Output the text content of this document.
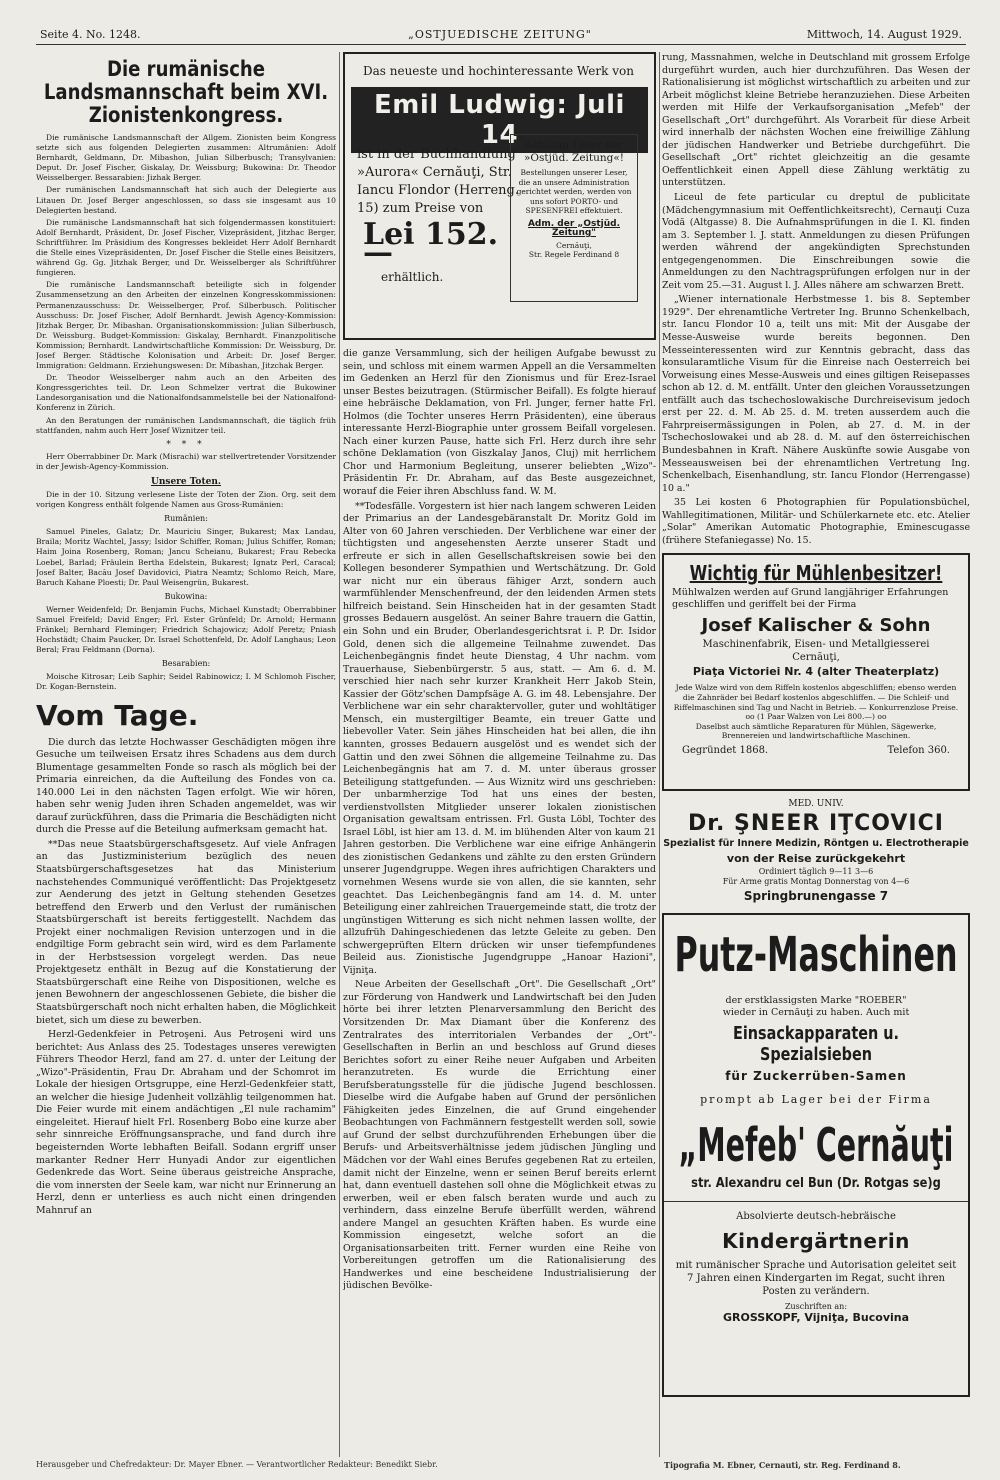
Seite 4. No. 1248.	„OSTJUEDISCHE ZEITUNG"	Mittwoch, 14. August 1929.
Die rumänische Landsmannschaft beim XVI. Zionistenkongress.

Die rumänische Landsmannschaft der Allgem. Zionisten beim Kongress setzte sich aus folgenden Delegierten zusammen: Altrumänien: Adolf Bernhardt, Geldmann, Dr. Mibashon, Julian Silberbusch; Transylvanien: Deput. Dr. Josef Fischer, Giskalay, Dr. Weissburg; Bukowina: Dr. Theodor Weisselberger. Bessarabien: Jizhak Berger.

Der rumänischen Landsmannschaft hat sich auch der Delegierte aus Litauen Dr. Josef Berger angeschlossen, so dass sie insgesamt aus 10 Delegierten bestand.

Die rumänische Landsmannschaft hat sich folgendermassen konstituiert: Adolf Bernhardt, Präsident, Dr. Josef Fischer, Vizepräsident, Jitzhac Berger, Schriftführer. Im Präsidium des Kongresses bekleidet Herr Adolf Bernhardt die Stelle eines Vizepräsidenten, Dr. Josef Fischer die Stelle eines Beisitzers, während Gg. Gg. Jitzhak Berger, und Dr. Weisselberger als Schriftführer fungieren.

Die rumänische Landsmannschaft beteiligte sich in folgender Zusammensetzung an den Arbeiten der einzelnen Kongresskommissionen: Permanenzausschuss: Dr. Weisselberger, Prof. Silberbusch. Politischer Ausschuss: Dr. Josef Fischer, Adolf Bernhardt. Jewish Agency-Kommission: Jitzhak Berger, Dr. Mibashan. Organisationskommission: Julian Silberbusch, Dr. Weissburg. Budget-Kommission: Giskalay, Bernhardt. Finanzpolitische Kommission; Bernhardt. Landwirtschaftliche Kommission: Dr. Weissburg, Dr. Josef Berger. Städtische Kolonisation und Arbeit: Dr. Josef Berger. Immigration: Geldmann. Erziehungswesen: Dr. Mibashan, Jitzchak Berger.

Dr. Theodor Weisselberger nahm auch an den Arbeiten des Kongressgerichtes teil. Dr. Leon Schmelzer vertrat die Bukowiner Landesorganisation und die Nationalfondsammelstelle bei der Nationalfond-Konferenz in Zürich.

An den Beratungen der rumänischen Landsmannschaft, die täglich früh stattfanden, nahm auch Herr Josef Wiznitzer teil.

* * *

Herr Oberrabbiner Dr. Mark (Misrachi) war stellvertretender Vorsitzender in der Jewish-Agency-Kommission.

Unsere Toten.

Die in der 10. Sitzung verlesene Liste der Toten der Zion. Org. seit dem vorigen Kongress enthält folgende Namen aus Gross-Rumänien:

Rumänien:

Samuel Pineles, Galatz; Dr. Mauriciu Singer, Bukarest; Max Landau, Braila; Moritz Wachtel, Jassy; Isidor Schiffer, Roman; Julius Schiffer, Roman; Haim Joina Rosenberg, Roman; Jancu Scheianu, Bukarest; Frau Rebecka Loebel, Barlad; Fräulein Bertha Edelstein, Bukarest; Ignatz Perl, Caracal; Josef Balter, Bacău Josef Davidovici, Piatra Neamtz; Schlomo Reich, Mare, Baruch Kahane Ploesti; Dr. Paul Weisengrün, Bukarest.

Bukowina:

Werner Weidenfeld; Dr. Benjamin Fuchs, Michael Kunstadt; Oberrabbiner Samuel Freifeld; David Enger; Frl. Ester Grünfeld; Dr. Arnold; Hermann Fränkel; Bernhard Fleminger; Friedrich Schajowicz; Adolf Peretz; Pniash Hochstädt; Chaim Paucker, Dr. Israel Schottenfeld, Dr. Adolf Langhaus; Leon Beral; Frau Feldmann (Dorna).

Besarabien:

Moische Kitrosar; Leib Saphir; Seidel Rabinowicz; I. M Schlomoh Fischer, Dr. Kogan-Bernstein.

Vom Tage.

Die durch das letzte Hochwasser Geschädigten mögen ihre Gesuche um teilweisen Ersatz ihres Schadens aus dem durch Blumentage gesammelten Fonde so rasch als möglich bei der Primaria einreichen, da die Aufteilung des Fondes von ca. 140.000 Lei in den nächsten Tagen erfolgt. Wie wir hören, haben sehr wenig Juden ihren Schaden angemeldet, was wir darauf zurückführen, dass die Primaria die Beschädigten nicht durch die Presse auf die Beteilung aufmerksam gemacht hat.

**Das neue Staatsbürgerschaftsgesetz. Auf viele Anfragen an das Justizministerium bezüglich des neuen Staatsbürgerschaftsgesetzes hat das Ministerium nachstehendes Communiqué veröffentlicht: Das Projektgesetz zur Aenderung des jetzt in Geltung stehenden Gesetzes betreffend den Erwerb und den Verlust der rumänischen Staatsbürgerschaft ist bereits fertiggestellt. Nachdem das Projekt einer nochmaligen Revision unterzogen und in die endgiltige Form gebracht sein wird, wird es dem Parlamente in der Herbstsession vorgelegt werden. Das neue Projektgesetz enthält in Bezug auf die Konstatierung der Staatsbürgerschaft eine Reihe von Dispositionen, welche es jenen Bewohnern der angeschlossenen Gebiete, die bisher die Staatsbürgerschaft noch nicht erhalten haben, die Möglichkeit bietet, sich um diese zu bewerben.

Herzl-Gedenkfeier in Petroşeni. Aus Petroşeni wird uns berichtet: Aus Anlass des 25. Todestages unseres verewigten Führers Theodor Herzl, fand am 27. d. unter der Leitung der „Wizo"-Präsidentin, Frau Dr. Abraham und der Schomrot im Lokale der hiesigen Ortsgruppe, eine Herzl-Gedenkfeier statt, an welcher die hiesige Judenheit vollzählig teilgenommen hat. Die Feier wurde mit einem andächtigen „El nule rachamim" eingeleitet. Hierauf hielt Frl. Rosenberg Bobo eine kurze aber sehr sinnreiche Eröffnungsansprache, und fand durch ihre begeisternden Worte lebhaften Beifall. Sodann ergriff unser markanter Redner Herr Hunyadi Andor zur eigentlichen Gedenkrede das Wort. Seine überaus geistreiche Ansprache, die vom innersten der Seele kam, war nicht nur Erinnerung an Herzl, denn er unterliess es auch nicht einen dringenden Mahnruf an

Das neueste und hochinteressante Werk von
Emil Ludwig: Juli 14
ist in der Buchhandlung »Aurora« Cernăuţi, Str. Iancu Flondor (Herreng. 15) zum Preise von
Lei 152.—
erhältlich.
Achtung Leser der »Ostjüd. Zeitung«!
Bestellungen unserer Leser, die an unsere Administration gerichtet werden, werden von uns sofort PORTO- und SPESENFREI effektuiert.
Adm. der „Ostjüd. Zeitung"
Cernăuţi,
Str. Regele Ferdinand 8

die ganze Versammlung, sich der heiligen Aufgabe bewusst zu sein, und schloss mit einem warmen Appell an die Versammelten im Gedenken an Herzl für den Zionismus und für Erez-Israel unser Bestes beizutragen. (Stürmischer Beifall). Es folgte hierauf eine hebräische Deklamation, von Frl. Junger, ferner hatte Frl. Holmos (die Tochter unseres Herrn Präsidenten), eine überaus interessante Herzl-Biographie unter grossem Beifall vorgelesen. Nach einer kurzen Pause, hatte sich Frl. Herz durch ihre sehr schöne Deklamation (von Giszkalay Janos, Cluj) mit herrlichem Chor und Harmonium Begleitung, unserer beliebten „Wizo"-Präsidentin Fr. Dr. Abraham, auf das Beste ausgezeichnet, worauf die Feier ihren Abschluss fand. W. M.

**Todesfälle. Vorgestern ist hier nach langem schweren Leiden der Primarius an der Landesgebäranstalt Dr. Moritz Gold im Alter von 60 Jahren verschieden. Der Verblichene war einer der tüchtigsten und angesehensten Aerzte unserer Stadt und erfreute er sich in allen Gesellschaftskreisen sowie bei den Kollegen besonderer Sympathien und Wertschätzung. Dr. Gold war nicht nur ein überaus fähiger Arzt, sondern auch warmfühlender Menschenfreund, der den leidenden Armen stets hilfreich beistand. Sein Hinscheiden hat in der gesamten Stadt grosses Bedauern ausgelöst. An seiner Bahre trauern die Gattin, ein Sohn und ein Bruder, Oberlandesgerichtsrat i. P. Dr. Isidor Gold, denen sich die allgemeine Teilnahme zuwendet. Das Leichenbegängnis findet heute Dienstag, 4 Uhr nachm. vom Trauerhause, Siebenbürgerstr. 5 aus, statt. — Am 6. d. M. verschied hier nach sehr kurzer Krankheit Herr Jakob Stein, Kassier der Götz'schen Dampfsäge A. G. im 48. Lebensjahre. Der Verblichene war ein sehr charaktervoller, guter und wohltätiger Mensch, ein mustergiltiger Beamte, ein treuer Gatte und liebevoller Vater. Sein jähes Hinscheiden hat bei allen, die ihn kannten, grosses Bedauern ausgelöst und es wendet sich der Gattin und den zwei Söhnen die allgemeine Teilnahme zu. Das Leichenbegängnis hat am 7. d. M. unter überaus grosser Beteiligung stattgefunden. — Aus Wiznitz wird uns geschrieben: Der unbarmherzige Tod hat uns eines der besten, verdienstvollsten Mitglieder unserer lokalen zionistischen Organisation gewaltsam entrissen. Frl. Gusta Löbl, Tochter des Israel Löbl, ist hier am 13. d. M. im blühenden Alter von kaum 21 Jahren gestorben. Die Verblichene war eine eifrige Anhängerin des zionistischen Gedankens und zählte zu den ersten Gründern unserer Jugendgruppe. Wegen ihres aufrichtigen Charakters und vornehmen Wesens wurde sie von allen, die sie kannten, sehr geachtet. Das Leichenbegängnis fand am 14. d. M. unter Beteiligung einer zahlreichen Trauergemeinde statt, die trotz der ungünstigen Witterung es sich nicht nehmen lassen wollte, der allzufrüh Dahingeschiedenen das letzte Geleite zu geben. Den schwergeprüften Eltern drücken wir unser tiefempfundenes Beileid aus. Zionistische Jugendgruppe „Hanoar Hazioni", Vijniţa.

Neue Arbeiten der Gesellschaft „Ort". Die Gesellschaft „Ort" zur Förderung von Handwerk und Landwirtschaft bei den Juden hörte bei ihrer letzten Plenarversammlung den Bericht des Vorsitzenden Dr. Max Diamant über die Konferenz des Zentralrates des interritorialen Verbandes der „Ort"-Gesellschaften in Berlin an und beschloss auf Grund dieses Berichtes sofort zu einer Reihe neuer Aufgaben und Arbeiten heranzutreten. Es wurde die Errichtung einer Berufsberatungsstelle für die jüdische Jugend beschlossen. Dieselbe wird die Aufgabe haben auf Grund der persönlichen Fähigkeiten jedes Einzelnen, die auf Grund eingehender Beobachtungen von Fachmännern festgestellt werden soll, sowie auf Grund der selbst durchzuführenden Erhebungen über die Berufs- und Arbeitsverhältnisse jedem jüdischen Jüngling und Mädchen vor der Wahl eines Berufes gegebenen Rat zu erteilen, damit nicht der Einzelne, wenn er seinen Beruf bereits erlernt hat, dann eventuell dastehen soll ohne die Möglichkeit etwas zu erwerben, weil er eben falsch beraten wurde und auch zu verhindern, dass einzelne Berufe überfüllt werden, während andere Mangel an gesuchten Kräften haben. Es wurde eine Kommission eingesetzt, welche sofort an die Organisationsarbeiten tritt. Ferner wurden eine Reihe von Vorbereitungen getroffen um die Rationalisierung des Handwerkes und eine bescheidene Industrialisierung der jüdischen Bevölke-

rung, Massnahmen, welche in Deutschland mit grossem Erfolge durgeführt wurden, auch hier durchzuführen. Das Wesen der Rationalisierung ist möglichst wirtschaftlich zu arbeiten und zur Arbeit möglichst kleine Betriebe heranzuziehen. Diese Arbeiten werden mit Hilfe der Verkaufsorganisation „Mefeb" der Gesellschaft „Ort" durchgeführt. Als Vorarbeit für diese Arbeit wird innerhalb der nächsten Wochen eine freiwillige Zählung der jüdischen Handwerker und Betriebe durchgeführt. Die Gesellschaft „Ort" richtet gleichzeitig an die gesamte Oeffentlichkeit einen Appell diese Zählung werktätig zu unterstützen.

Liceul de fete particular cu dreptul de publicitate (Mädchengymnasium mit Oeffentlichkeitsrecht), Cernauţi Cuza Vodă (Altgasse) 8. Die Aufnahmsprüfungen in die I. Kl. finden am 3. September l. J. statt. Anmeldungen zu diesen Prüfungen werden während der angekündigten Sprechstunden entgegengenommen. Die Einschreibungen sowie die Anmeldungen zu den Nachtragsprüfungen erfolgen nur in der Zeit vom 25.—31. August l. J. Alles nähere am schwarzen Brett.

„Wiener internationale Herbstmesse 1. bis 8. September 1929". Der ehrenamtliche Vertreter Ing. Brunno Schenkelbach, str. Iancu Flondor 10 a, teilt uns mit: Mit der Ausgabe der Messe-Ausweise wurde bereits begonnen. Den Messeinteressenten wird zur Kenntnis gebracht, dass das konsularamtliche Visum für die Einreise nach Oesterreich bei Vorweisung eines Messe-Ausweis und eines giltigen Reisepasses schon ab 12. d. M. entfällt. Unter den gleichen Voraussetzungen entfällt auch das tschechoslowakische Durchreisevisum jedoch erst per 22. d. M. Ab 25. d. M. treten ausserdem auch die Fahrpreisermässigungen in Polen, ab 27. d. M. in der Tschechoslowakei und ab 28. d. M. auf den österreichischen Bundesbahnen in Kraft. Nähere Auskünfte sowie Ausgabe von Messeausweisen bei der ehrenamtlichen Vertretung Ing. Schenkelbach, Eisenhandlung, str. Iancu Flondor (Herrengasse) 10 a."

35 Lei kosten 6 Photographien für Populationsbüchel, Wahllegitimationen, Militär- und Schülerkarnete etc. etc. Atelier „Solar" Amerikan Automatic Photographie, Eminescugasse (frühere Stefaniegasse) No. 15.

Wichtig für Mühlenbesitzer!
Mühlwalzen werden auf Grund langjähriger Erfahrungen geschliffen und geriffelt bei der Firma
Josef Kalischer & Sohn
Maschinenfabrik, Eisen- und Metallgiesserei
Cernăuţi,
Piaţa Victoriei Nr. 4 (alter Theaterplatz)
Jede Walze wird von dem Riffeln kostenlos abgeschliffen; ebenso werden die Zahnräder bei Bedarf kostenlos abgeschliffen. — Die Schleif- und Riffelmaschinen sind Tag und Nacht in Betrieb. — Konkurrenzlose Preise.
oo (1 Paar Walzen von Lei 800.—) oo
Daselbst auch sämtliche Reparaturen für Mühlen, Sägewerke, Brennereien und landwirtschaftliche Maschinen.
Gegründet 1868.	Telefon 360.
MED. UNIV.
Dr. ŞNEER IŢCOVICI
Spezialist für Innere Medizin, Röntgen u. Electrotherapie
von der Reise zurückgekehrt
Ordiniert täglich 9—11 3—6
Für Arme gratis Montag Donnerstag von 4—6
Springbrunengasse 7
Putz-Maschinen
der erstklassigsten Marke "ROEBER"
wieder in Cernăuţi zu haben. Auch mit
Einsackapparaten u. Spezialsieben
für Zuckerrüben-Samen
prompt ab Lager bei der Firma
„Mefeb' Cernăuţi
str. Alexandru cel Bun (Dr. Rotgas se)g
Absolvierte deutsch-hebräische
Kindergärtnerin
mit rumänischer Sprache und Autorisation geleitet seit 7 Jahren einen Kindergarten im Regat, sucht ihren Posten zu verändern.
Zuschriften an:
GROSSKOPF, Vijniţa, Bucovina
Herausgeber und Chefredakteur: Dr. Mayer Ebner. — Verantwortlicher Redakteur: Benedikt Siebr.	Tipografia M. Ebner, Cernauti, str. Reg. Ferdinand 8.
